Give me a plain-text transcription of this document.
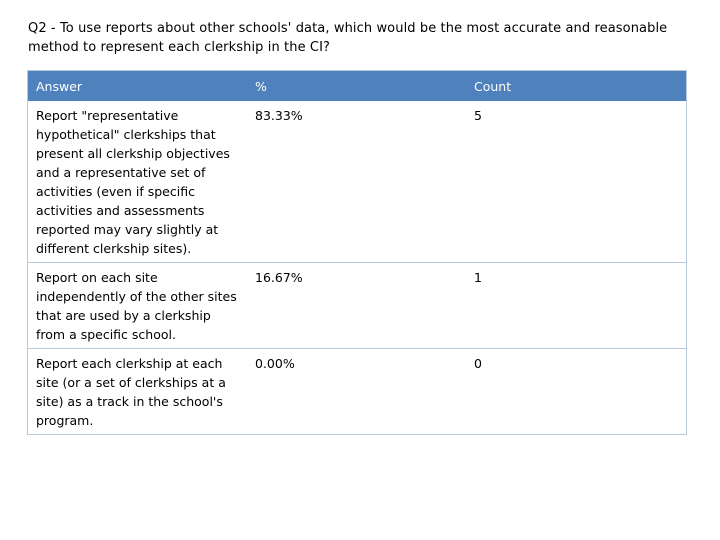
Q2 - To use reports about other schools' data, which would be the most accurate and reasonable method to represent each clerkship in the CI?
Answer	%	Count
Report "representative hypothetical" clerkships that present all clerkship objectives and a representative set of activities (even if specific activities and assessments reported may vary slightly at different clerkship sites).	83.33%	5
Report on each site independently of the other sites that are used by a clerkship from a specific school.	16.67%	1
Report each clerkship at each site (or a set of clerkships at a site) as a track in the school's program.	0.00%	0
